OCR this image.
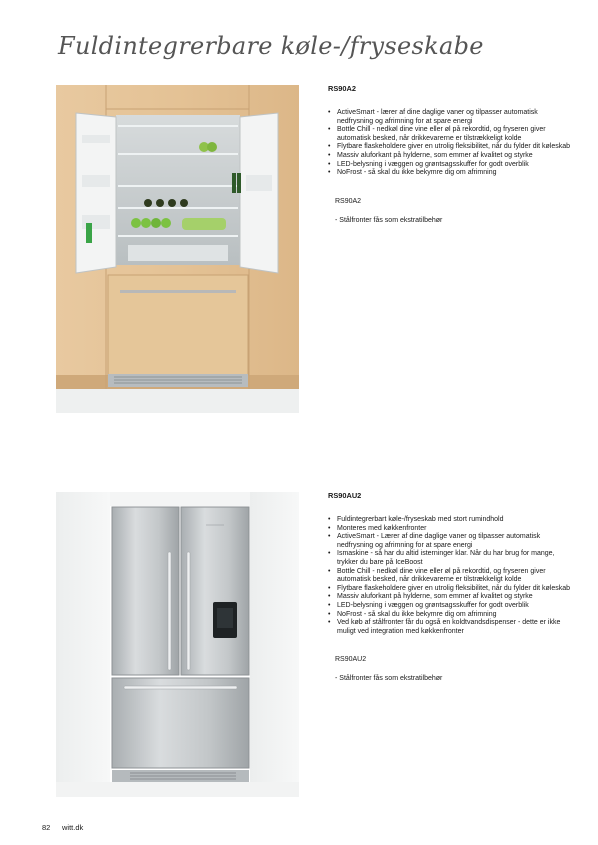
Fuldintegrerbare køle-/fryseskabe
RS90A2
• ActiveSmart - lærer af dine daglige vaner og tilpasser automatisk nedfrysning og afrimning for at spare energi
• Bottle Chill - nedkøl dine vine eller øl på rekordtid, og fryseren giver automatisk besked, når drikkevarerne er tilstrækkeligt kolde
• Flytbare flaskeholdere giver en utrolig fleksibilitet, når du fylder dit køleskab
• Massiv aluforkant på hylderne, som emmer af kvalitet og styrke
• LED-belysning i væggen og grøntsagsskuffer for godt overblik
• NoFrost - så skal du ikke bekymre dig om afrimning
RS90A2
- Stålfronter fås som ekstratilbehør
RS90AU2
• Fuldintegrerbart køle-/fryseskab med stort rumindhold
• Monteres med køkkenfronter
• ActiveSmart - Lærer af dine daglige vaner og tilpasser automatisk nedfrysning og afrimning for at spare energi
• Ismaskine - så har du altid isterninger klar. Når du har brug for mange, trykker du bare på IceBoost
• Bottle Chill - nedkøl dine vine eller øl på rekordtid, og fryseren giver automatisk besked, når drikkevarerne er tilstrækkeligt kolde
• Flytbare flaskeholdere giver en utrolig fleksibilitet, når du fylder dit køleskab
• Massiv aluforkant på hylderne, som emmer af kvalitet og styrke
• LED-belysning i væggen og grøntsagsskuffer for godt overblik
• NoFrost - så skal du ikke bekymre dig om afrimning
• Ved køb af stålfronter får du også en koldtvandsdispenser - dette er ikke muligt ved integration med køkkenfronter
RS90AU2
- Stålfronter fås som ekstratilbehør
82 witt.dk
